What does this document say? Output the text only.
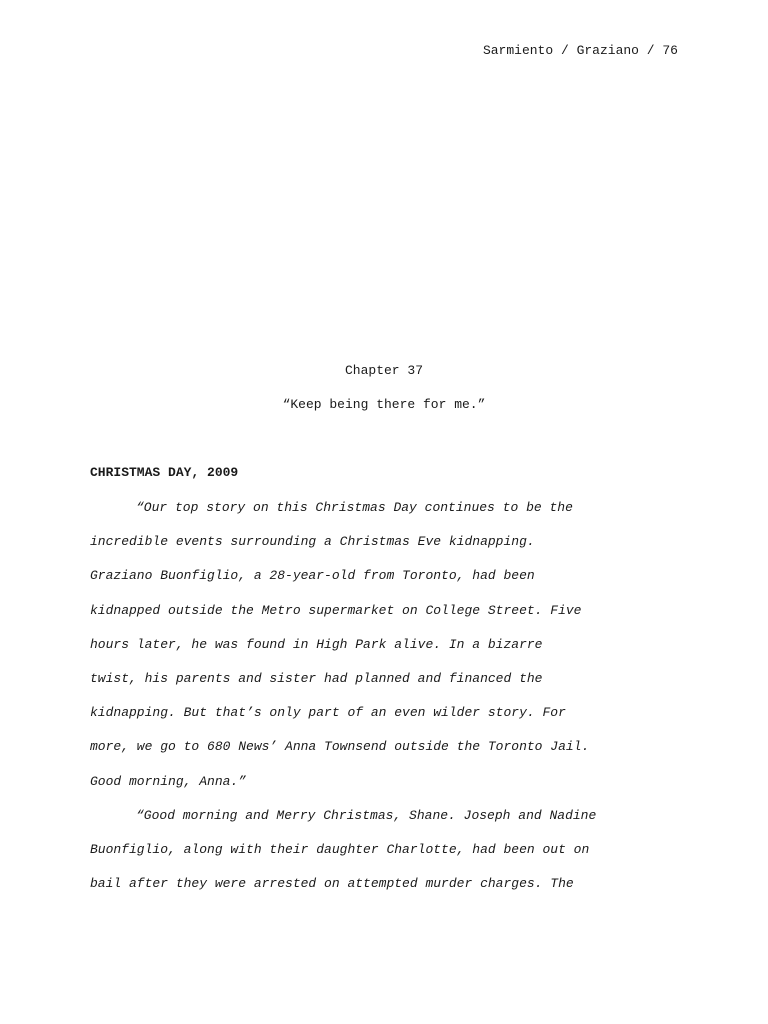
Sarmiento / Graziano / 76
Chapter 37
“Keep being there for me.”
CHRISTMAS DAY, 2009
“Our top story on this Christmas Day continues to be the
incredible events surrounding a Christmas Eve kidnapping.
Graziano Buonfiglio, a 28-year-old from Toronto, had been
kidnapped outside the Metro supermarket on College Street. Five
hours later, he was found in High Park alive. In a bizarre
twist, his parents and sister had planned and financed the
kidnapping. But that’s only part of an even wilder story. For
more, we go to 680 News’ Anna Townsend outside the Toronto Jail.
Good morning, Anna.”
“Good morning and Merry Christmas, Shane. Joseph and Nadine
Buonfiglio, along with their daughter Charlotte, had been out on
bail after they were arrested on attempted murder charges. The
